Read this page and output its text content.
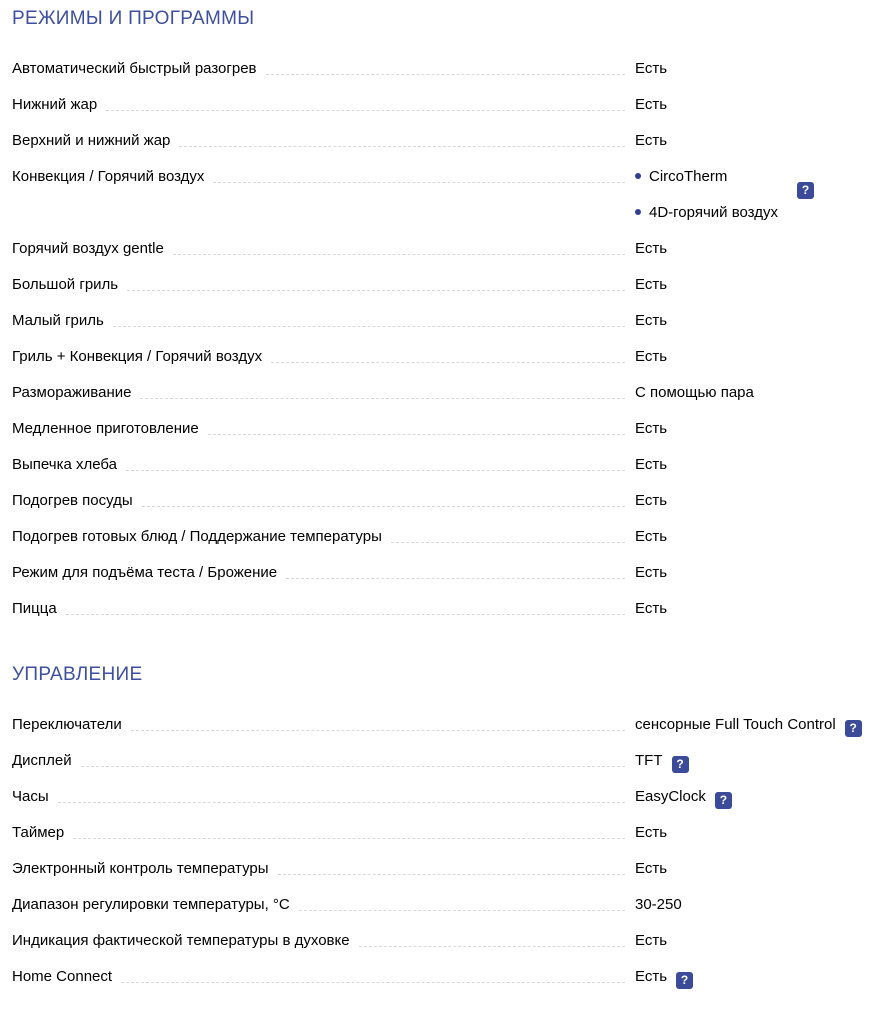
РЕЖИМЫ И ПРОГРАММЫ
Автоматический быстрый разогрев	Есть
Нижний жар	Есть
Верхний и нижний жар	Есть
Конвекция / Горячий воздух	CircoTherm
?
4D-горячий воздух
Горячий воздух gentle	Есть
Большой гриль	Есть
Малый гриль	Есть
Гриль + Конвекция / Горячий воздух	Есть
Размораживание	С помощью пара
Медленное приготовление	Есть
Выпечка хлеба	Есть
Подогрев посуды	Есть
Подогрев готовых блюд / Поддержание температуры	Есть
Режим для подъёма теста / Брожение	Есть
Пицца	Есть
УПРАВЛЕНИЕ
Переключатели	сенсорные Full Touch Control ?
Дисплей	TFT ?
Часы	EasyClock ?
Таймер	Есть
Электронный контроль температуры	Есть
Диапазон регулировки температуры, °С	30-250
Индикация фактической температуры в духовке	Есть
Home Connect	Есть ?
